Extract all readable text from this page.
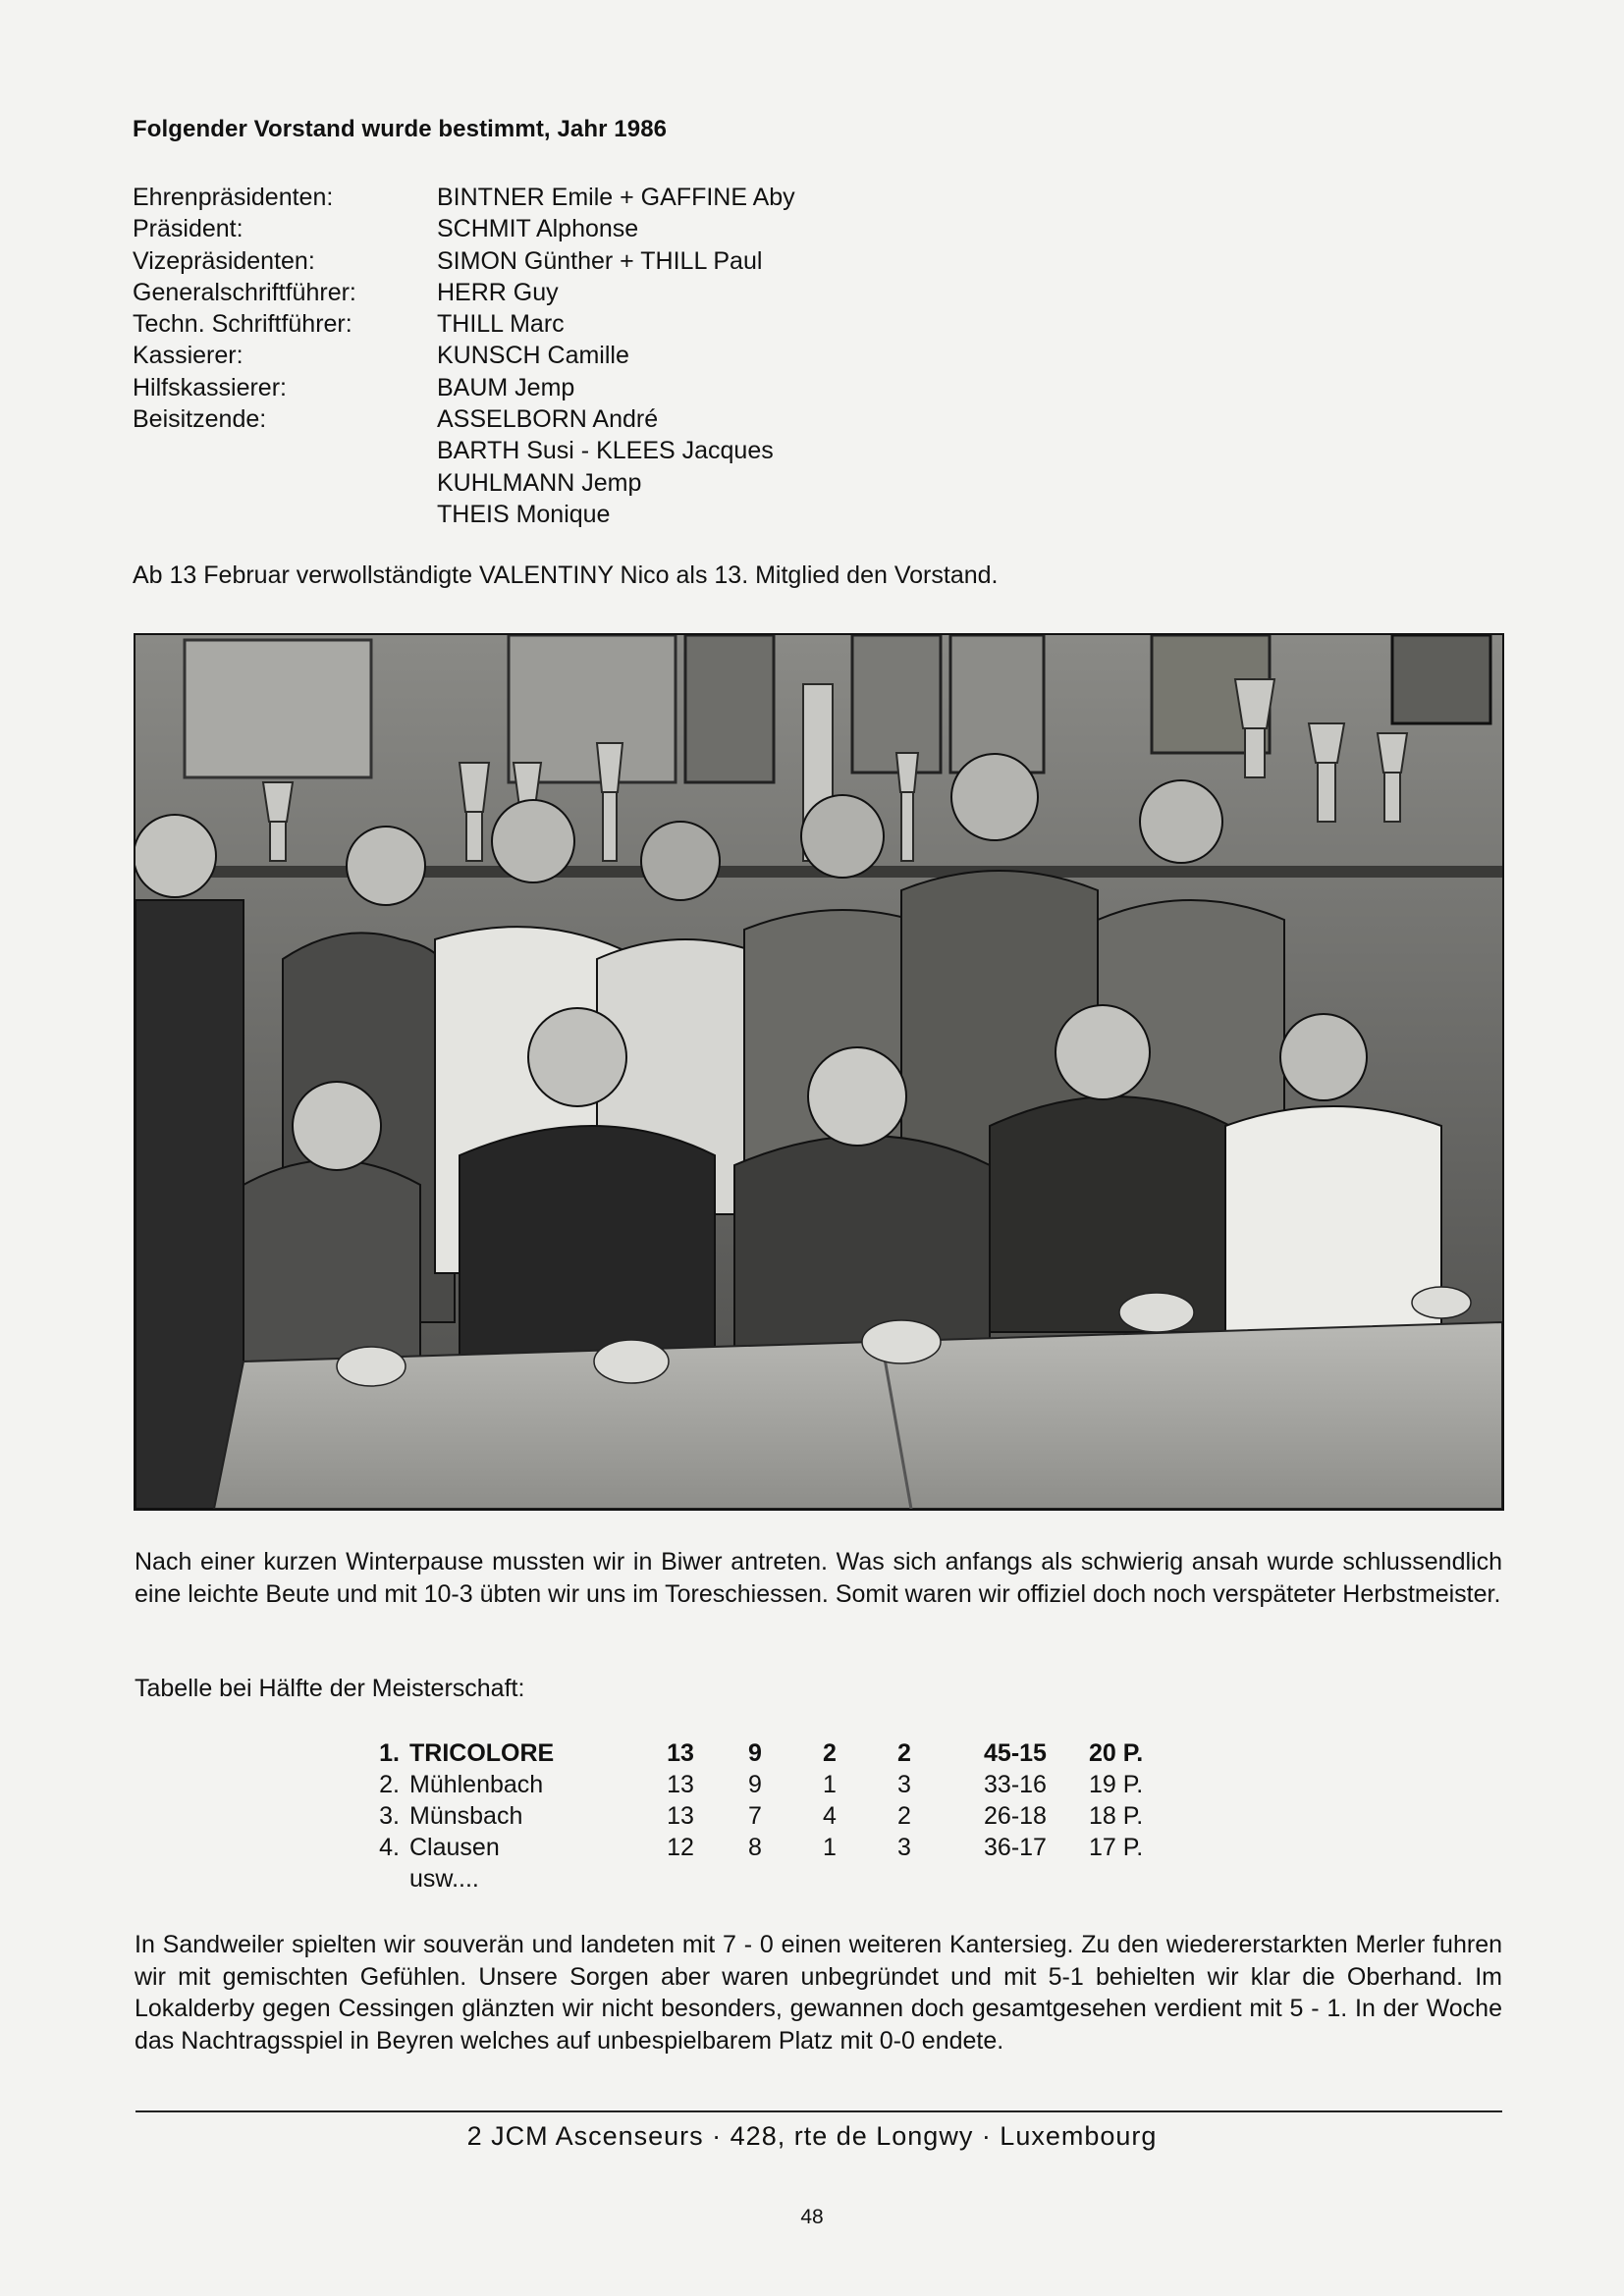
Folgender Vorstand wurde bestimmt, Jahr 1986
Ehrenpräsidenten:	BINTNER Emile + GAFFINE Aby
Präsident:	SCHMIT Alphonse
Vizepräsidenten:	SIMON Günther + THILL Paul
Generalschriftführer:	HERR Guy
Techn. Schriftführer:	THILL Marc
Kassierer:	KUNSCH Camille
Hilfskassierer:	BAUM Jemp
Beisitzende:	ASSELBORN André
BARTH Susi - KLEES Jacques
KUHLMANN Jemp
THEIS Monique
Ab 13 Februar verwollständigte VALENTINY Nico als 13. Mitglied den Vorstand.
Nach einer kurzen Winterpause mussten wir in Biwer antreten. Was sich anfangs als schwierig ansah wurde schlussendlich eine leichte Beute und mit 10-3 übten wir uns im Toreschiessen. Somit waren wir offiziel doch noch verspäteter Herbstmeister.
Tabelle bei Hälfte der Meisterschaft:
1. TRICOLORE	13	9	2	2	45-15	20 P.
2. Mühlenbach	13	9	1	3	33-16	19 P.
3. Münsbach	13	7	4	2	26-18	18 P.
4. Clausen	12	8	1	3	36-17	17 P.
usw....
In Sandweiler spielten wir souverän und landeten mit 7 - 0 einen weiteren Kantersieg. Zu den wiedererstarkten Merler fuhren wir mit gemischten Gefühlen. Unsere Sorgen aber waren unbegründet und mit 5-1 behielten wir klar die Oberhand. Im Lokalderby gegen Cessingen glänzten wir nicht besonders, gewannen doch gesamtgesehen verdient mit 5 - 1. In der Woche das Nachtragsspiel in Beyren welches auf unbespielbarem Platz mit 0-0 endete.
2 JCM Ascenseurs · 428, rte de Longwy · Luxembourg
48
